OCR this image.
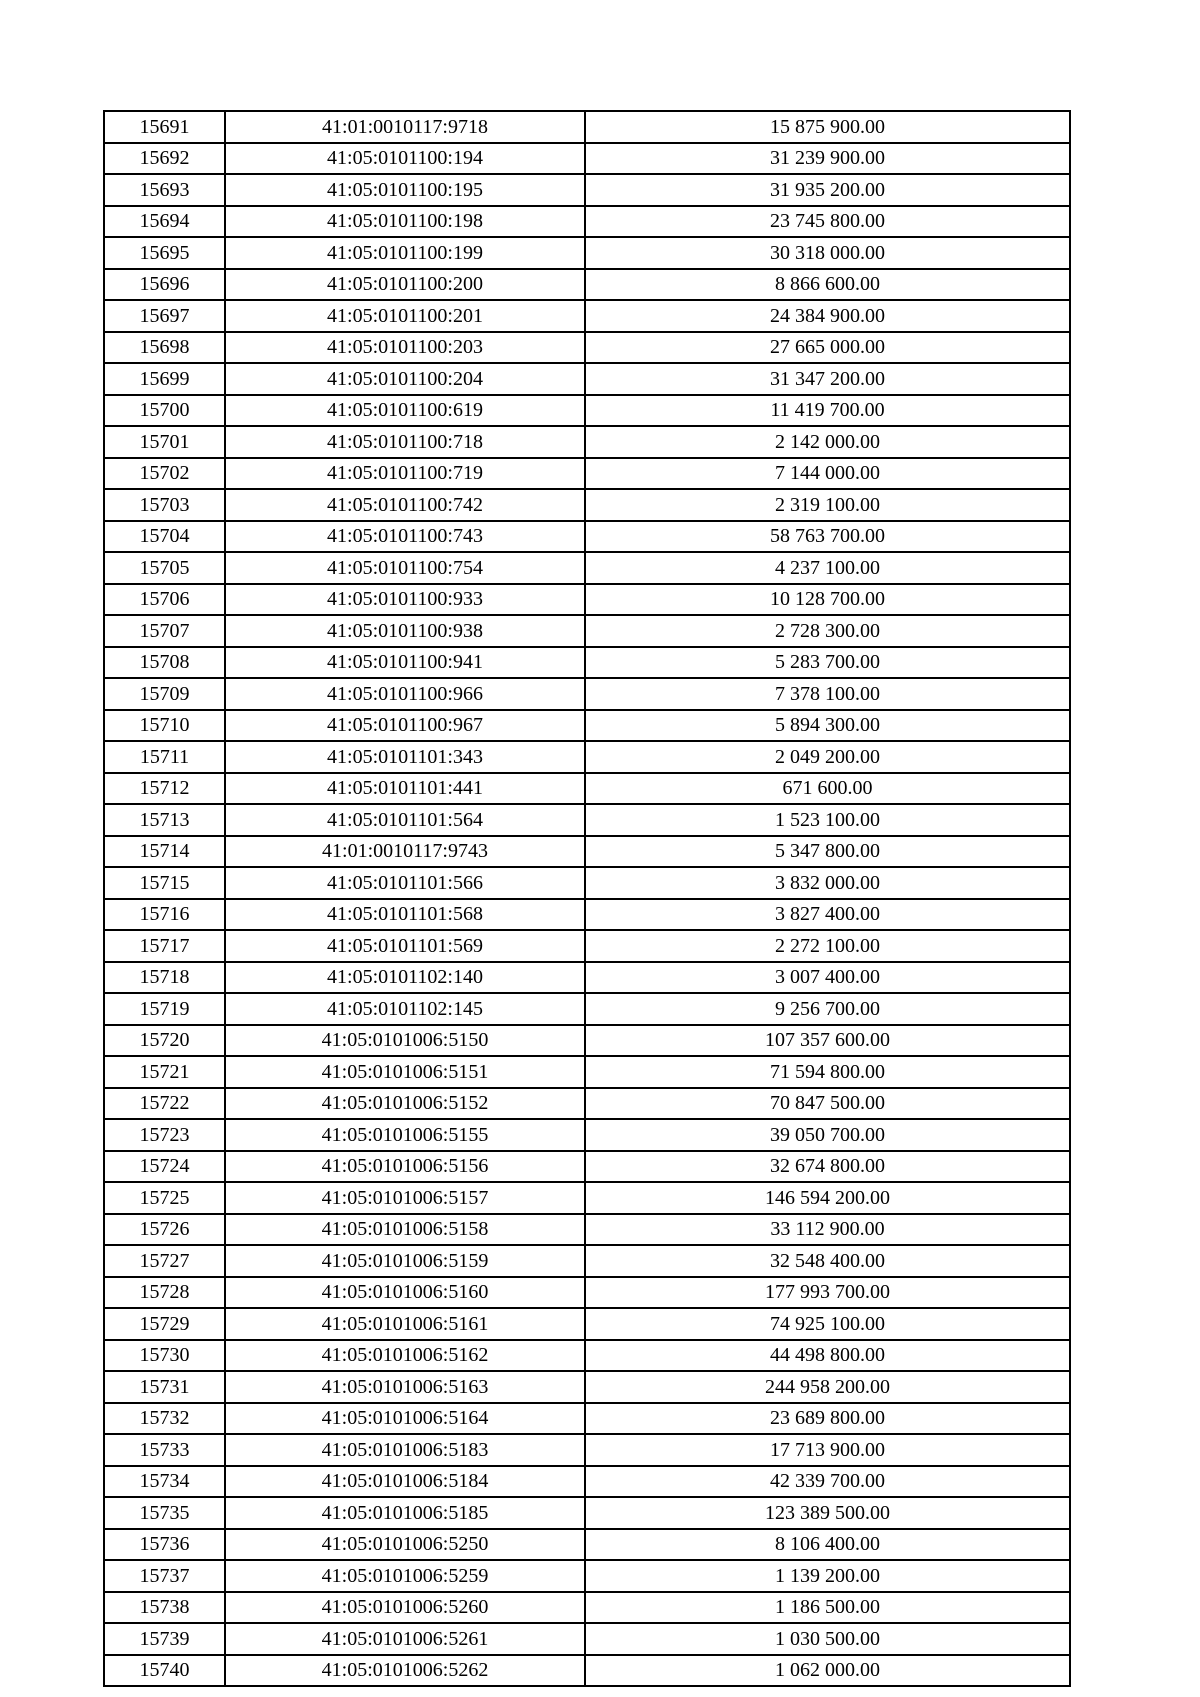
15691	41:01:0010117:9718	15 875 900.00
15692	41:05:0101100:194	31 239 900.00
15693	41:05:0101100:195	31 935 200.00
15694	41:05:0101100:198	23 745 800.00
15695	41:05:0101100:199	30 318 000.00
15696	41:05:0101100:200	8 866 600.00
15697	41:05:0101100:201	24 384 900.00
15698	41:05:0101100:203	27 665 000.00
15699	41:05:0101100:204	31 347 200.00
15700	41:05:0101100:619	11 419 700.00
15701	41:05:0101100:718	2 142 000.00
15702	41:05:0101100:719	7 144 000.00
15703	41:05:0101100:742	2 319 100.00
15704	41:05:0101100:743	58 763 700.00
15705	41:05:0101100:754	4 237 100.00
15706	41:05:0101100:933	10 128 700.00
15707	41:05:0101100:938	2 728 300.00
15708	41:05:0101100:941	5 283 700.00
15709	41:05:0101100:966	7 378 100.00
15710	41:05:0101100:967	5 894 300.00
15711	41:05:0101101:343	2 049 200.00
15712	41:05:0101101:441	671 600.00
15713	41:05:0101101:564	1 523 100.00
15714	41:01:0010117:9743	5 347 800.00
15715	41:05:0101101:566	3 832 000.00
15716	41:05:0101101:568	3 827 400.00
15717	41:05:0101101:569	2 272 100.00
15718	41:05:0101102:140	3 007 400.00
15719	41:05:0101102:145	9 256 700.00
15720	41:05:0101006:5150	107 357 600.00
15721	41:05:0101006:5151	71 594 800.00
15722	41:05:0101006:5152	70 847 500.00
15723	41:05:0101006:5155	39 050 700.00
15724	41:05:0101006:5156	32 674 800.00
15725	41:05:0101006:5157	146 594 200.00
15726	41:05:0101006:5158	33 112 900.00
15727	41:05:0101006:5159	32 548 400.00
15728	41:05:0101006:5160	177 993 700.00
15729	41:05:0101006:5161	74 925 100.00
15730	41:05:0101006:5162	44 498 800.00
15731	41:05:0101006:5163	244 958 200.00
15732	41:05:0101006:5164	23 689 800.00
15733	41:05:0101006:5183	17 713 900.00
15734	41:05:0101006:5184	42 339 700.00
15735	41:05:0101006:5185	123 389 500.00
15736	41:05:0101006:5250	8 106 400.00
15737	41:05:0101006:5259	1 139 200.00
15738	41:05:0101006:5260	1 186 500.00
15739	41:05:0101006:5261	1 030 500.00
15740	41:05:0101006:5262	1 062 000.00
